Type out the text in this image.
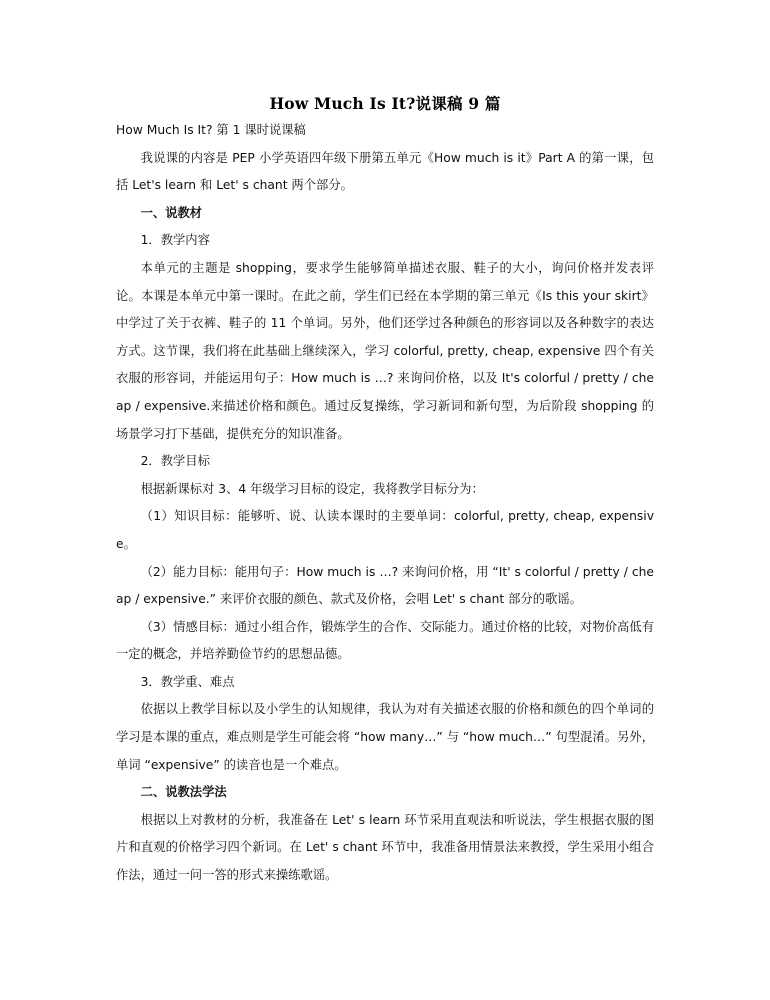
How Much Is It?说课稿 9 篇

How Much Is It? 第 1 课时说课稿

我说课的内容是 PEP 小学英语四年级下册第五单元《How much is it》Part A 的第一课，包括 Let's learn 和 Let' s chant 两个部分。

一、说教材

1．教学内容

本单元的主题是 shopping，要求学生能够简单描述衣服、鞋子的大小，询问价格并发表评论。本课是本单元中第一课时。在此之前，学生们已经在本学期的第三单元《Is this your skirt》中学过了关于衣裤、鞋子的 11 个单词。另外，他们还学过各种颜色的形容词以及各种数字的表达方式。这节课，我们将在此基础上继续深入，学习 colorful, pretty, cheap, expensive 四个有关衣服的形容词，并能运用句子：How much is …? 来询问价格，以及 It's colorful / pretty / cheap / expensive.来描述价格和颜色。通过反复操练，学习新词和新句型，为后阶段 shopping 的场景学习打下基础，提供充分的知识准备。

2．教学目标

根据新课标对 3、4 年级学习目标的设定，我将教学目标分为：

（1）知识目标：能够听、说、认读本课时的主要单词：colorful, pretty, cheap, expensive。

（2）能力目标：能用句子：How much is …? 来询问价格，用 “It' s colorful / pretty / cheap / expensive.” 来评价衣服的颜色、款式及价格，会唱 Let' s chant 部分的歌谣。

（3）情感目标：通过小组合作，锻炼学生的合作、交际能力。通过价格的比较，对物价高低有一定的概念，并培养勤俭节约的思想品德。

3．教学重、难点

依据以上教学目标以及小学生的认知规律，我认为对有关描述衣服的价格和颜色的四个单词的学习是本课的重点，难点则是学生可能会将 “how many…” 与 “how much…” 句型混淆。另外，单词 “expensive” 的读音也是一个难点。

二、说教法学法

根据以上对教材的分析，我准备在 Let' s learn 环节采用直观法和听说法，学生根据衣服的图片和直观的价格学习四个新词。在 Let' s chant 环节中，我准备用情景法来教授，学生采用小组合作法，通过一问一答的形式来操练歌谣。
